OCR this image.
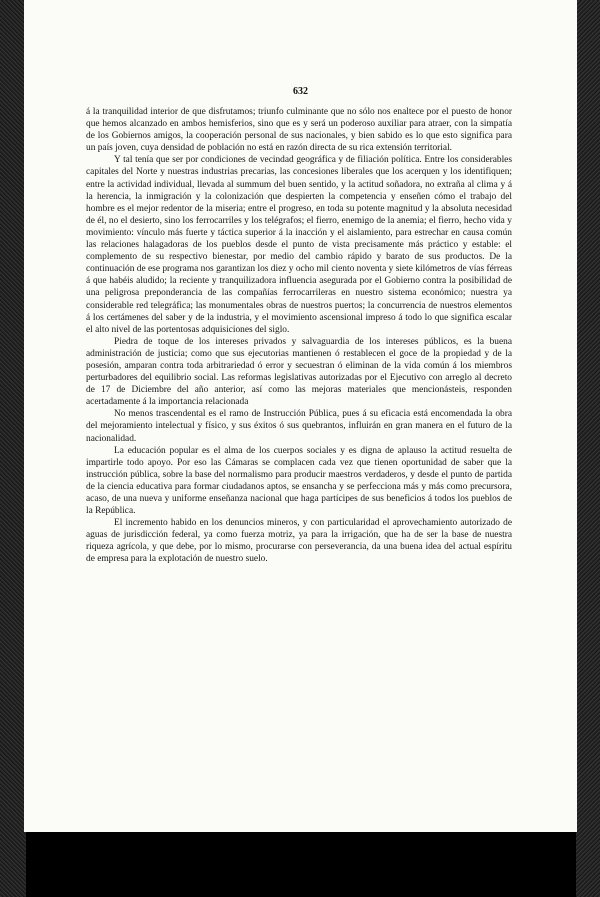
632

á la tranquilidad interior de que disfrutamos; triunfo culminante que no sólo nos enaltece por el puesto de honor que hemos alcanzado en ambos hemisferios, sino que es y será un poderoso auxiliar para atraer, con la simpatía de los Gobiernos amigos, la cooperación personal de sus nacionales, y bien sabido es lo que esto significa para un país joven, cuya densidad de población no está en razón directa de su rica extensión territorial.

Y tal tenía que ser por condiciones de vecindad geográfica y de filiación política. Entre los considerables capitales del Norte y nuestras industrias precarias, las concesiones liberales que los acerquen y los identifiquen; entre la actividad individual, llevada al summum del buen sentido, y la actitud soñadora, no extraña al clima y á la herencia, la inmigración y la colonización que despierten la competencia y enseñen cómo el trabajo del hombre es el mejor redentor de la miseria; entre el progreso, en toda su potente magnitud y la absoluta necesidad de él, no el desierto, sino los ferrocarriles y los telégrafos; el fierro, enemigo de la anemia; el fierro, hecho vida y movimiento: vínculo más fuerte y táctica superior á la inacción y el aislamiento, para estrechar en causa común las relaciones halagadoras de los pueblos desde el punto de vista precisamente más práctico y estable: el complemento de su respectivo bienestar, por medio del cambio rápido y barato de sus productos. De la continuación de ese programa nos garantizan los diez y ocho mil ciento noventa y siete kilómetros de vías férreas á que habéis aludido; la reciente y tranquilizadora influencia asegurada por el Gobierno contra la posibilidad de una peligrosa preponderancia de las compañías ferrocarrileras en nuestro sistema económico; nuestra ya considerable red telegráfica; las monumentales obras de nuestros puertos; la concurrencia de nuestros elementos á los certámenes del saber y de la industria, y el movimiento ascensional impreso á todo lo que significa escalar el alto nivel de las portentosas adquisiciones del siglo.

Piedra de toque de los intereses privados y salvaguardia de los intereses públicos, es la buena administración de justicia; como que sus ejecutorias mantienen ó restablecen el goce de la propiedad y de la posesión, amparan contra toda arbitrariedad ó error y secuestran ó eliminan de la vida común á los miembros perturbadores del equilibrio social. Las reformas legislativas autorizadas por el Ejecutivo con arreglo al decreto de 17 de Diciembre del año anterior, así como las mejoras materiales que mencionásteis, responden acertadamente á la importancia relacionada

No menos trascendental es el ramo de Instrucción Pública, pues á su eficacia está encomendada la obra del mejoramiento intelectual y físico, y sus éxitos ó sus quebrantos, influirán en gran manera en el futuro de la nacionalidad.

La educación popular es el alma de los cuerpos sociales y es digna de aplauso la actitud resuelta de impartirle todo apoyo. Por eso las Cámaras se complacen cada vez que tienen oportunidad de saber que la instrucción pública, sobre la base del normalismo para producir maestros verdaderos, y desde el punto de partida de la ciencia educativa para formar ciudadanos aptos, se ensancha y se perfecciona más y más como precursora, acaso, de una nueva y uniforme enseñanza nacional que haga partícipes de sus beneficios á todos los pueblos de la República.

El incremento habido en los denuncios mineros, y con particularidad el aprovechamiento autorizado de aguas de jurisdicción federal, ya como fuerza motriz, ya para la irrigación, que ha de ser la base de nuestra riqueza agrícola, y que debe, por lo mismo, procurarse con perseverancia, da una buena idea del actual espíritu de empresa para la explotación de nuestro suelo.
